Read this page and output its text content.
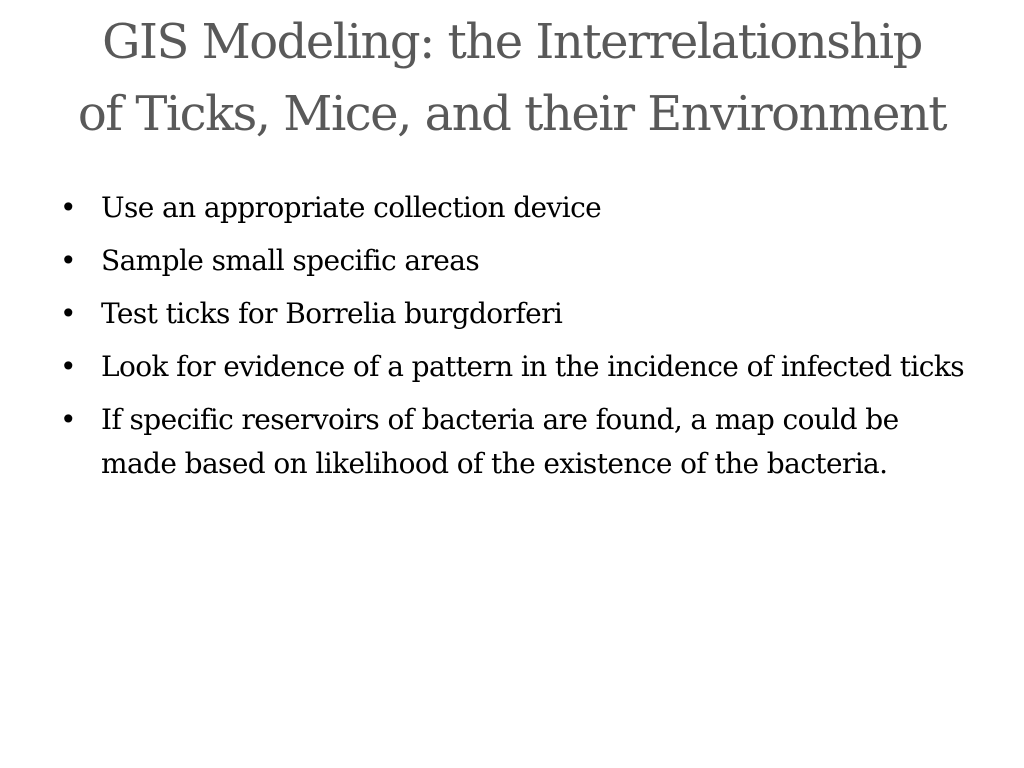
GIS Modeling: the Interrelationship
of Ticks, Mice, and their Environment
• Use an appropriate collection device
• Sample small specific areas
• Test ticks for Borrelia burgdorferi
• Look for evidence of a pattern in the incidence of infected ticks
• If specific reservoirs of bacteria are found, a map could be made based on likelihood of the existence of the bacteria.
